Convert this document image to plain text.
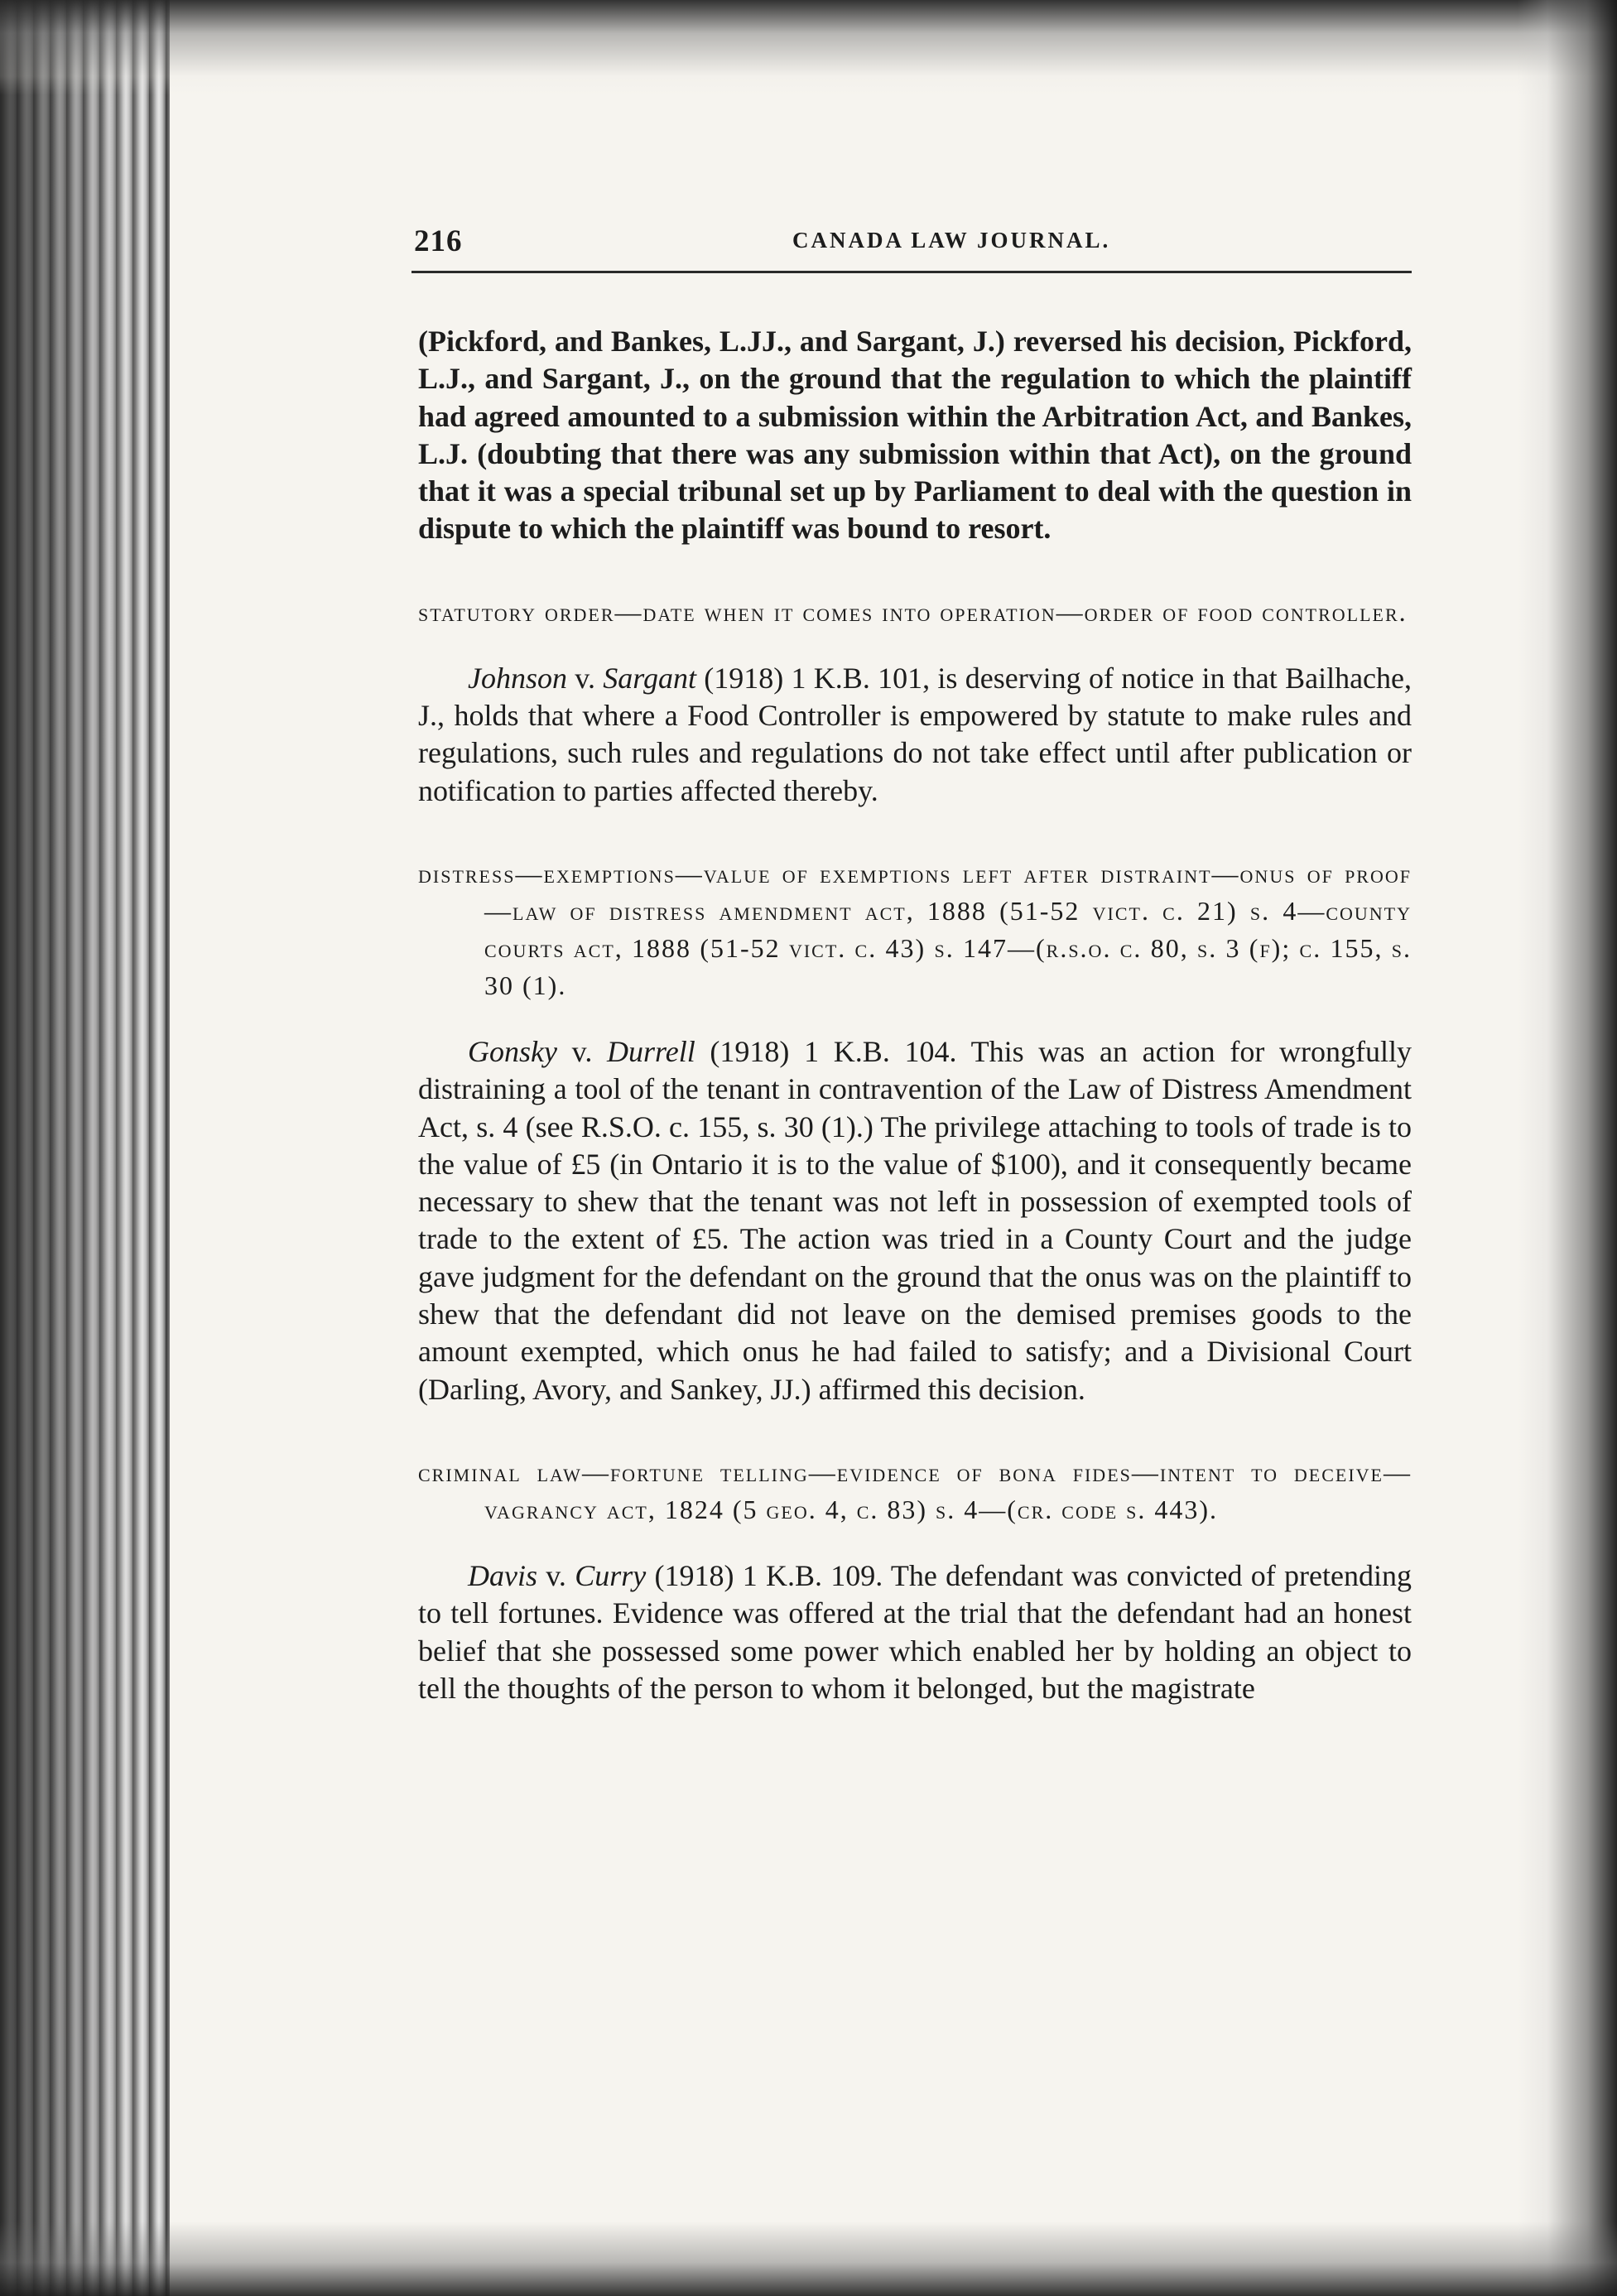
216	CANADA LAW JOURNAL.

(Pickford, and Bankes, L.JJ., and Sargant, J.) reversed his decision, Pickford, L.J., and Sargant, J., on the ground that the regulation to which the plaintiff had agreed amounted to a submission within the Arbitration Act, and Bankes, L.J. (doubting that there was any submission within that Act), on the ground that it was a special tribunal set up by Parliament to deal with the question in dispute to which the plaintiff was bound to resort.

statutory order—date when it comes into operation—order of food controller.

Johnson v. Sargant (1918) 1 K.B. 101, is deserving of notice in that Bailhache, J., holds that where a Food Controller is empowered by statute to make rules and regulations, such rules and regulations do not take effect until after publication or notification to parties affected thereby.

distress—exemptions—value of exemptions left after distraint—onus of proof—law of distress amendment act, 1888 (51-52 vict. c. 21) s. 4—county courts act, 1888 (51-52 vict. c. 43) s. 147—(r.s.o. c. 80, s. 3 (f); c. 155, s. 30 (1).

Gonsky v. Durrell (1918) 1 K.B. 104. This was an action for wrongfully distraining a tool of the tenant in contravention of the Law of Distress Amendment Act, s. 4 (see R.S.O. c. 155, s. 30 (1).) The privilege attaching to tools of trade is to the value of £5 (in Ontario it is to the value of $100), and it consequently became necessary to shew that the tenant was not left in possession of exempted tools of trade to the extent of £5. The action was tried in a County Court and the judge gave judgment for the defendant on the ground that the onus was on the plaintiff to shew that the defendant did not leave on the demised premises goods to the amount exempted, which onus he had failed to satisfy; and a Divisional Court (Darling, Avory, and Sankey, JJ.) affirmed this decision.

criminal law—fortune telling—evidence of bona fides—intent to deceive—vagrancy act, 1824 (5 geo. 4, c. 83) s. 4—(cr. code s. 443).

Davis v. Curry (1918) 1 K.B. 109. The defendant was convicted of pretending to tell fortunes. Evidence was offered at the trial that the defendant had an honest belief that she possessed some power which enabled her by holding an object to tell the thoughts of the person to whom it belonged, but the magistrate
